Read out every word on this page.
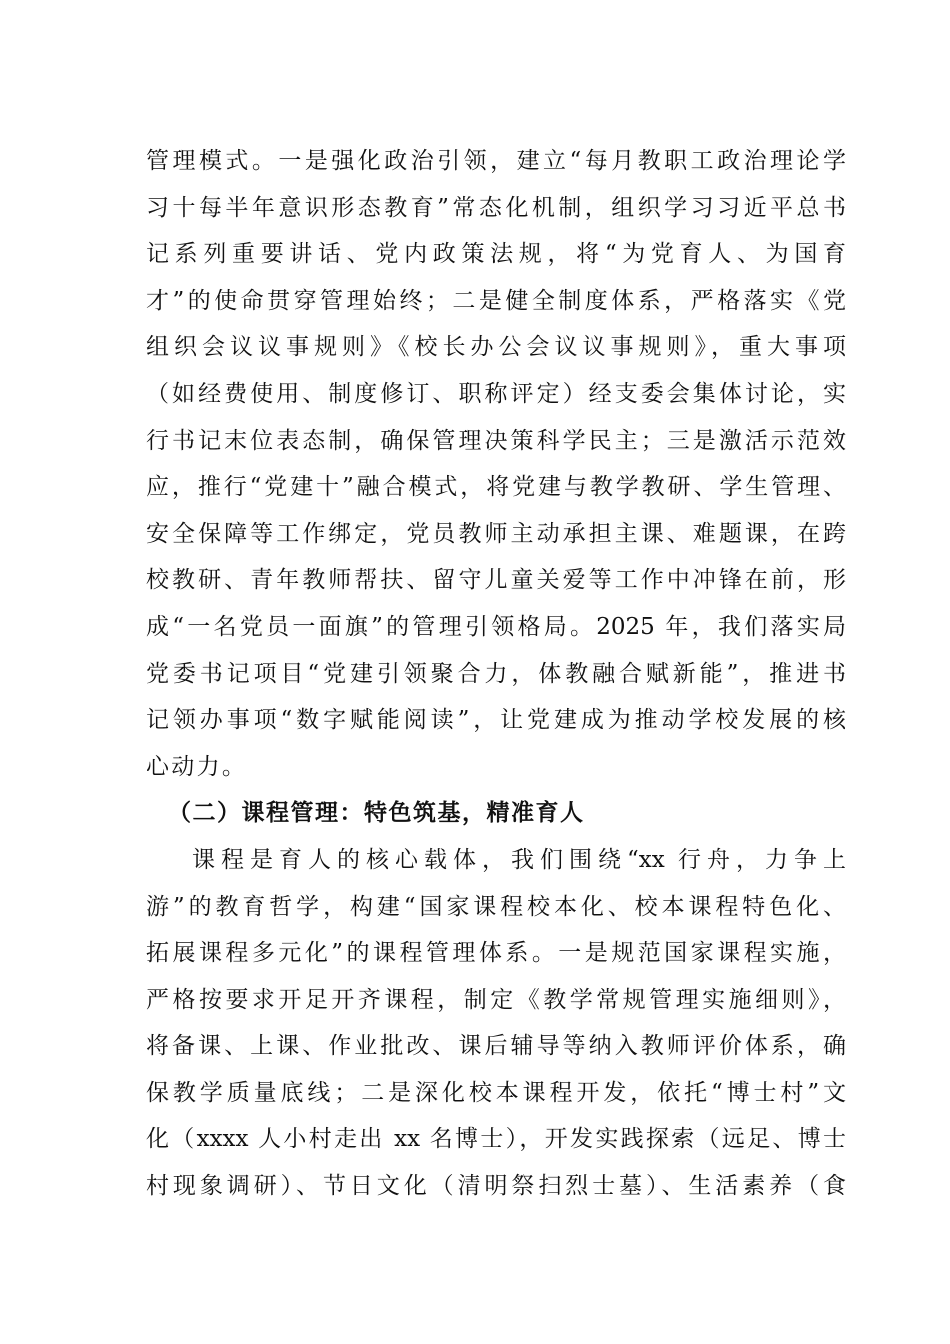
管理模式。一是强化政治引领，建立“每月教职工政治理论学
习十每半年意识形态教育”常态化机制，组织学习习近平总书
记系列重要讲话、党内政策法规，将“为党育人、为国育
才”的使命贯穿管理始终；二是健全制度体系，严格落实《党
组织会议议事规则》《校长办公会议议事规则》，重大事项
（如经费使用、制度修订、职称评定）经支委会集体讨论，实
行书记末位表态制，确保管理决策科学民主；三是激活示范效
应，推行“党建十”融合模式，将党建与教学教研、学生管理、
安全保障等工作绑定，党员教师主动承担主课、难题课，在跨
校教研、青年教师帮扶、留守儿童关爱等工作中冲锋在前，形
成“一名党员一面旗”的管理引领格局。2025 年，我们落实局
党委书记项目“党建引领聚合力，体教融合赋新能”，推进书
记领办事项“数字赋能阅读”，让党建成为推动学校发展的核
心动力。
（二）课程管理：特色筑基，精准育人
课程是育人的核心载体，我们围绕“xx 行舟，力争上
游”的教育哲学，构建“国家课程校本化、校本课程特色化、
拓展课程多元化”的课程管理体系。一是规范国家课程实施，
严格按要求开足开齐课程，制定《教学常规管理实施细则》，
将备课、上课、作业批改、课后辅导等纳入教师评价体系，确
保教学质量底线；二是深化校本课程开发，依托“博士村”文
化（xxxx 人小村走出 xx 名博士），开发实践探索（远足、博士
村现象调研）、节日文化（清明祭扫烈士墓）、生活素养（食
